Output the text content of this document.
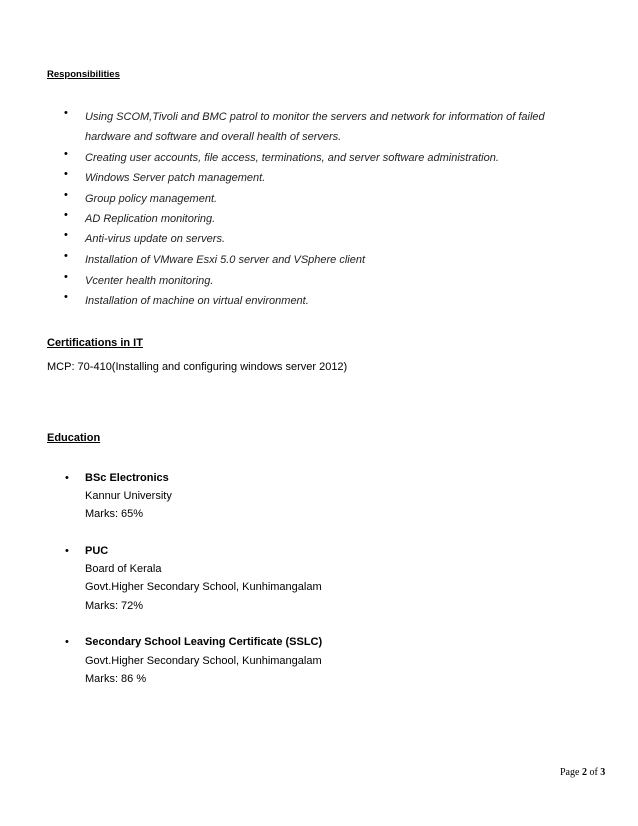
Responsibilities
• Using SCOM,Tivoli and BMC patrol to monitor the servers and network for information of failed
hardware and software and overall health of servers.
• Creating user accounts, file access, terminations, and server software administration.
• Windows Server patch management.
• Group policy management.
• AD Replication monitoring.
• Anti-virus update on servers.
• Installation of VMware Esxi 5.0 server and VSphere client
• Vcenter health monitoring.
• Installation of machine on virtual environment.
Certifications in IT
MCP: 70-410(Installing and configuring windows server 2012)
Education
• BSc Electronics
Kannur University
Marks: 65%
• PUC
Board of Kerala
Govt.Higher Secondary School, Kunhimangalam
Marks: 72%
• Secondary School Leaving Certificate (SSLC)
Govt.Higher Secondary School, Kunhimangalam
Marks: 86 %
Page 2 of 3
